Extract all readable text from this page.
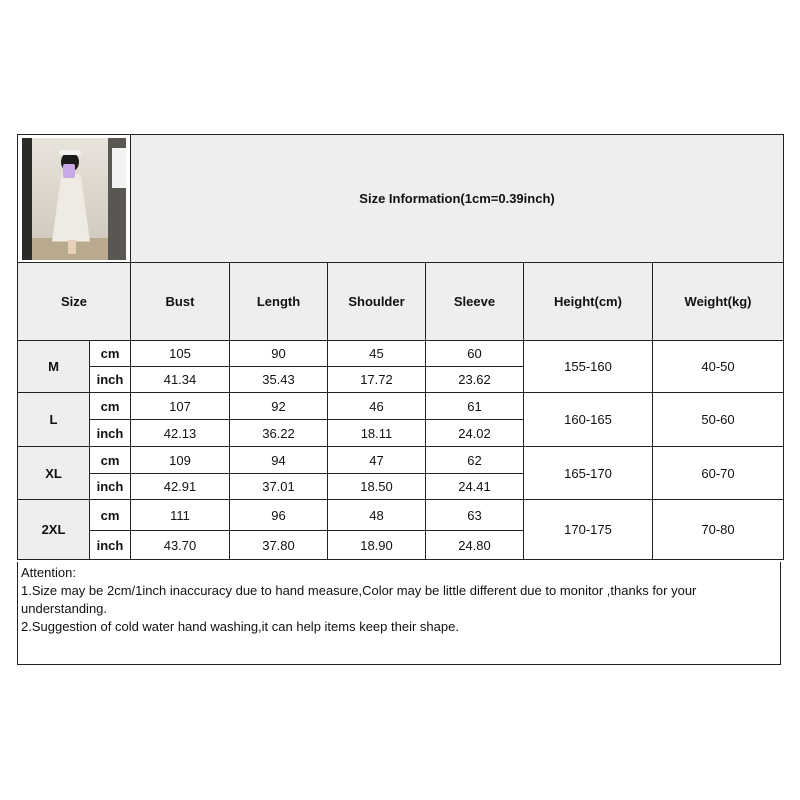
		Size Information(1cm=0.39inch)					
Size		Bust	Length	Shoulder	Sleeve	Height(cm)	Weight(kg)
M	cm	105	90	45	60	155-160	40-50
	inch	41.34	35.43	17.72	23.62		
L	cm	107	92	46	61	160-165	50-60
	inch	42.13	36.22	18.11	24.02		
XL	cm	109	94	47	62	165-170	60-70
	inch	42.91	37.01	18.50	24.41		
2XL	cm	111	96	48	63	170-175	70-80
	inch	43.70	37.80	18.90	24.80		
Attention:
1.Size may be 2cm/1inch inaccuracy due to hand measure,Color may be little different due to monitor ,thanks for your understanding.
2.Suggestion of cold water hand washing,it can help items keep their shape.
